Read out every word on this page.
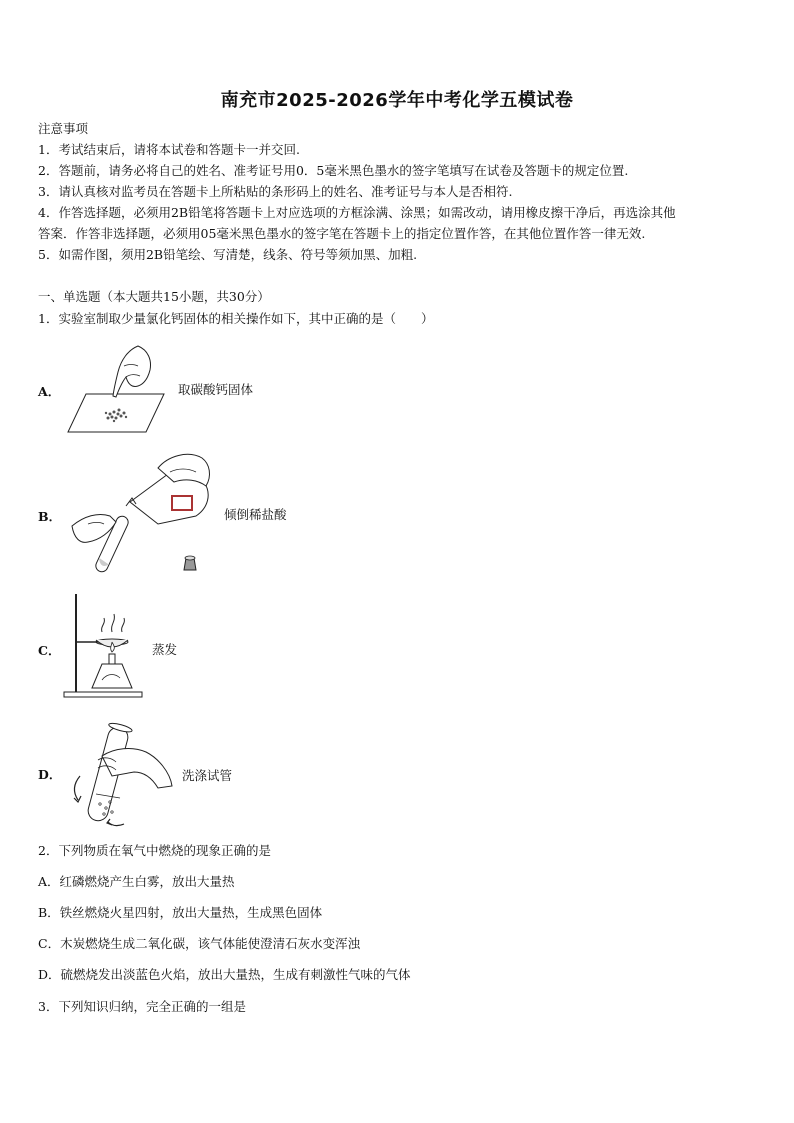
南充市2025-2026学年中考化学五模试卷
注意事项
1．考试结束后，请将本试卷和答题卡一并交回.
2．答题前，请务必将自己的姓名、准考证号用0．5毫米黑色墨水的签字笔填写在试卷及答题卡的规定位置.
3．请认真核对监考员在答题卡上所粘贴的条形码上的姓名、准考证号与本人是否相符.
4．作答选择题，必须用2B铅笔将答题卡上对应选项的方框涂满、涂黑；如需改动，请用橡皮擦干净后，再选涂其他
答案．作答非选择题，必须用05毫米黑色墨水的签字笔在答题卡上的指定位置作答，在其他位置作答一律无效.
5．如需作图，须用2B铅笔绘、写清楚，线条、符号等须加黑、加粗.
一、单选题（本大题共15小题，共30分）
1．实验室制取少量氯化钙固体的相关操作如下，其中正确的是（　　）
A．	取碳酸钙固体
B．	倾倒稀盐酸
C．	蒸发
D．	洗涤试管
2．下列物质在氧气中燃烧的现象正确的是
A．红磷燃烧产生白雾，放出大量热
B．铁丝燃烧火星四射，放出大量热，生成黑色固体
C．木炭燃烧生成二氧化碳，该气体能使澄清石灰水变浑浊
D．硫燃烧发出淡蓝色火焰，放出大量热，生成有刺激性气味的气体
3．下列知识归纳，完全正确的一组是
